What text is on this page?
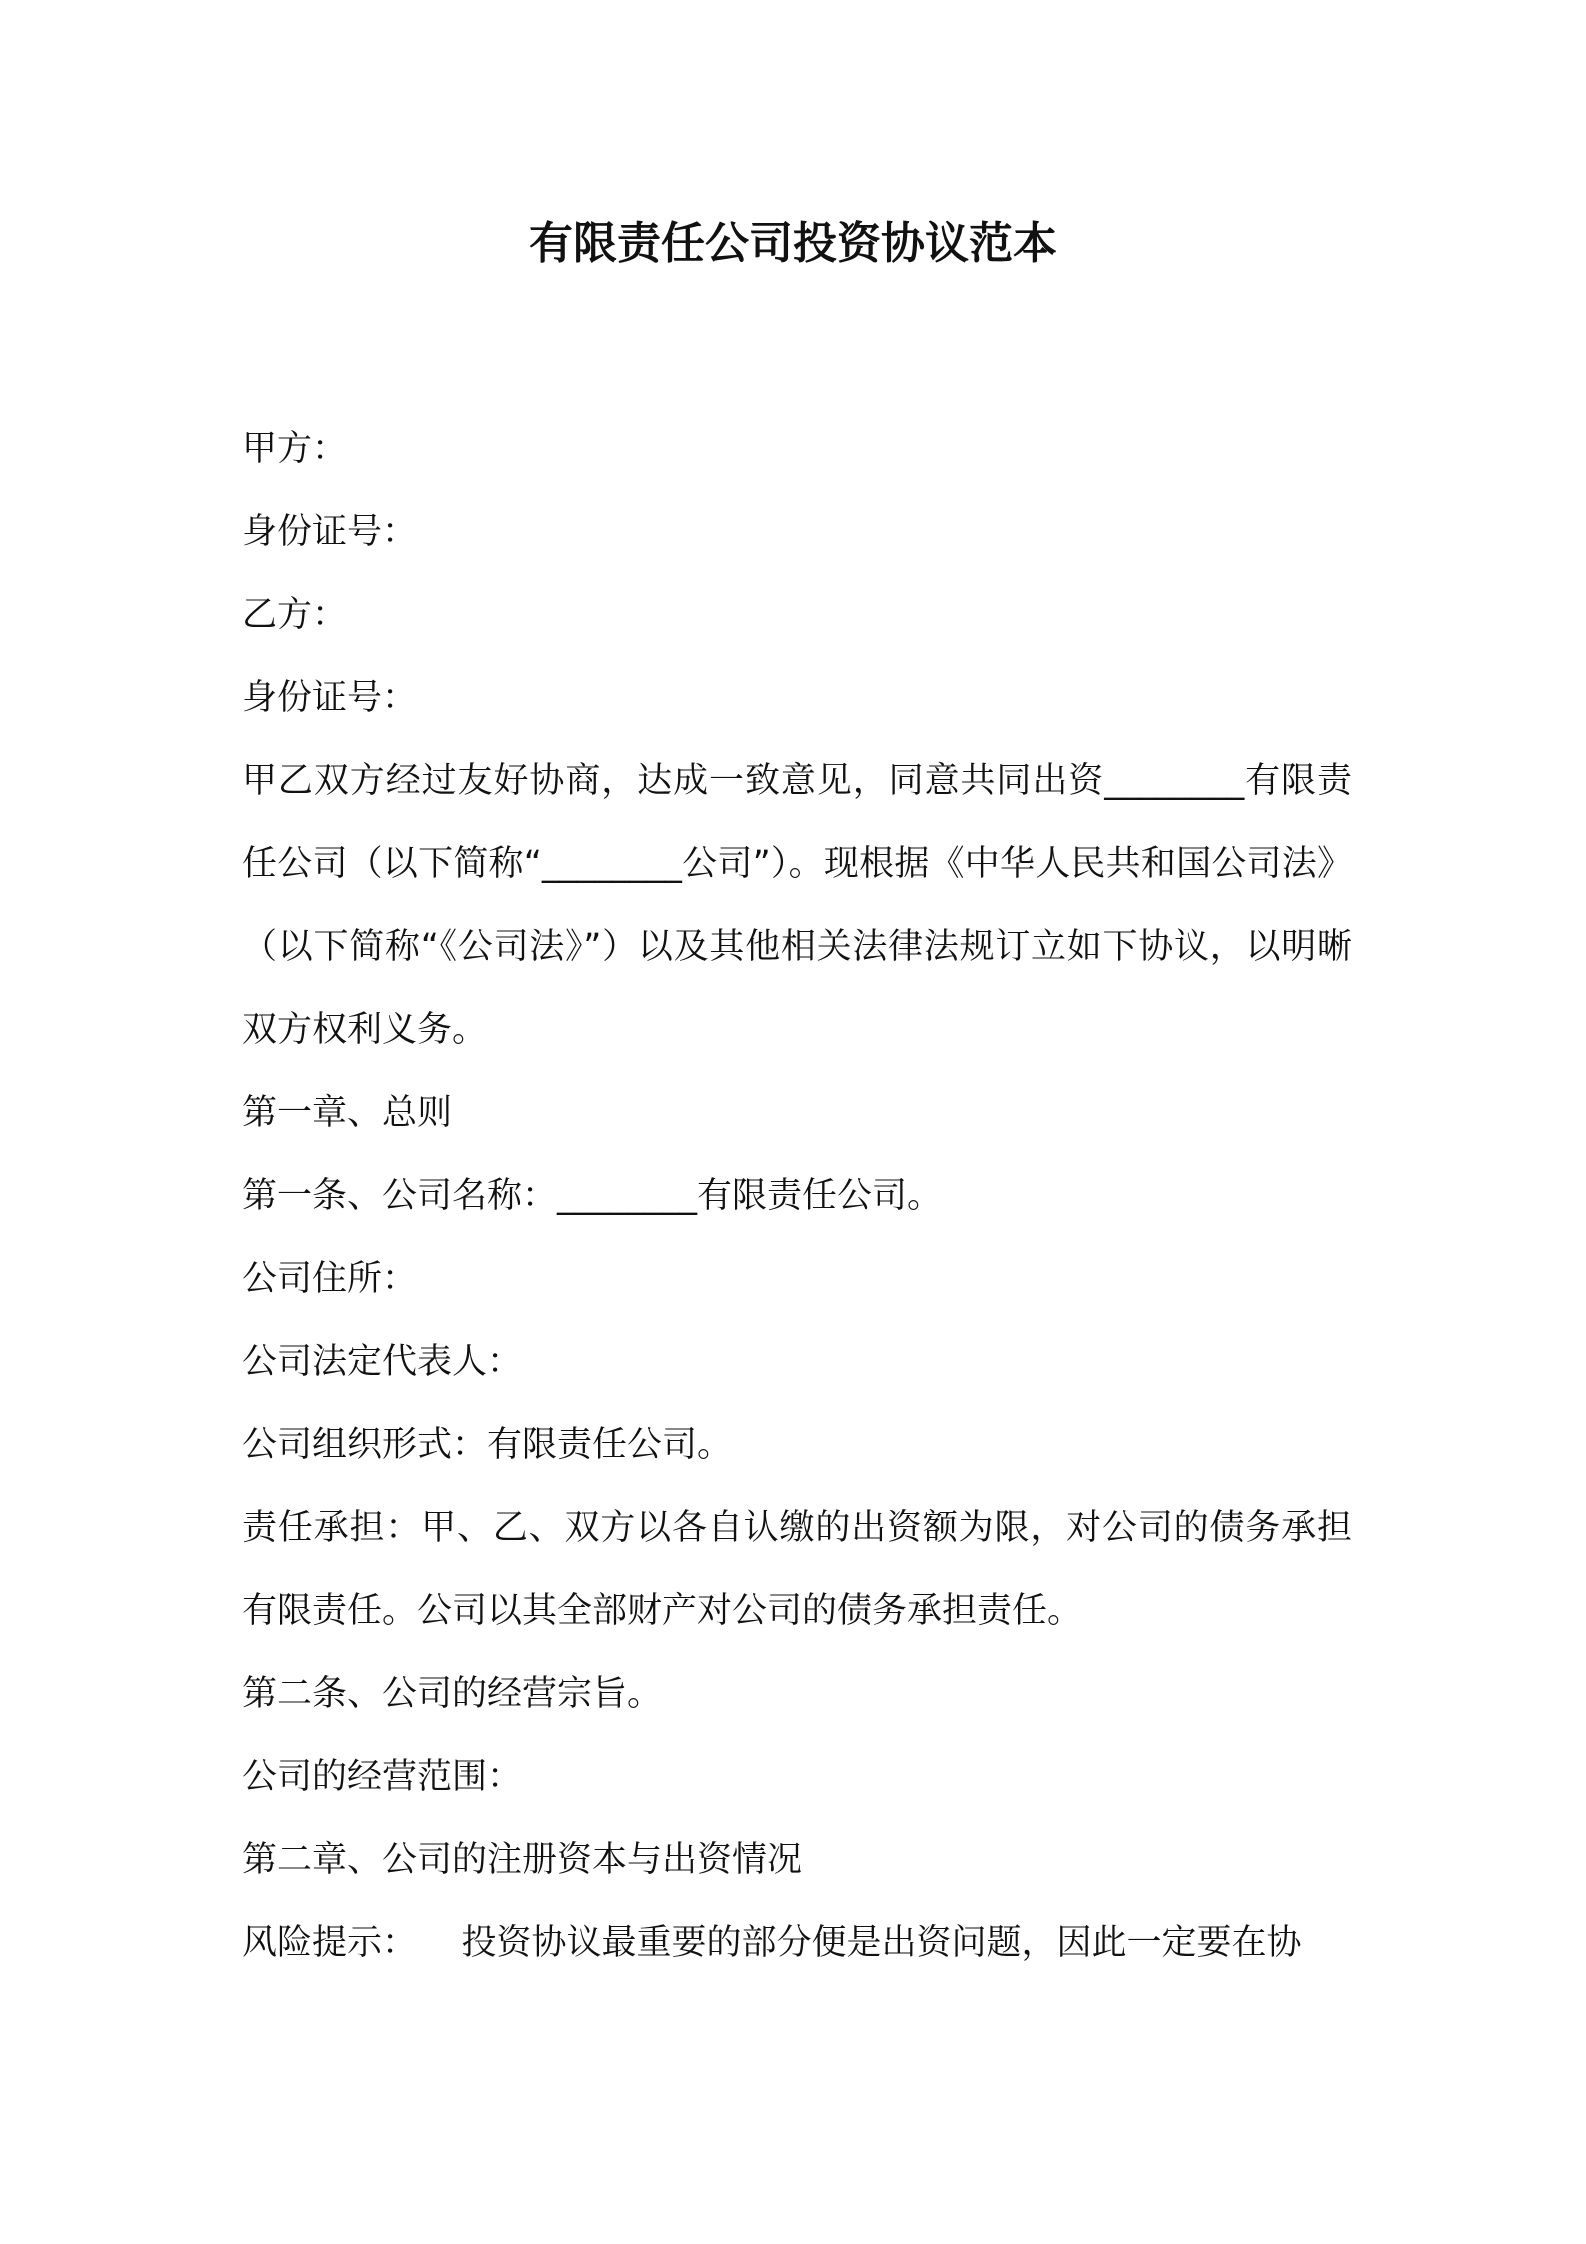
有限责任公司投资协议范本

甲方：

身份证号：

乙方：

身份证号：

甲乙双方经过友好协商，达成一致意见，同意共同出资________有限责任公司（以下简称“________公司”）。现根据《中华人民共和国公司法》（以下简称“《公司法》”）以及其他相关法律法规订立如下协议，以明晰双方权利义务。

第一章、总则

第一条、公司名称：________有限责任公司。

公司住所：

公司法定代表人：

公司组织形式：有限责任公司。

责任承担：甲、乙、双方以各自认缴的出资额为限，对公司的债务承担有限责任。公司以其全部财产对公司的债务承担责任。

第二条、公司的经营宗旨。

公司的经营范围：

第二章、公司的注册资本与出资情况

风险提示：    投资协议最重要的部分便是出资问题，因此一定要在协
